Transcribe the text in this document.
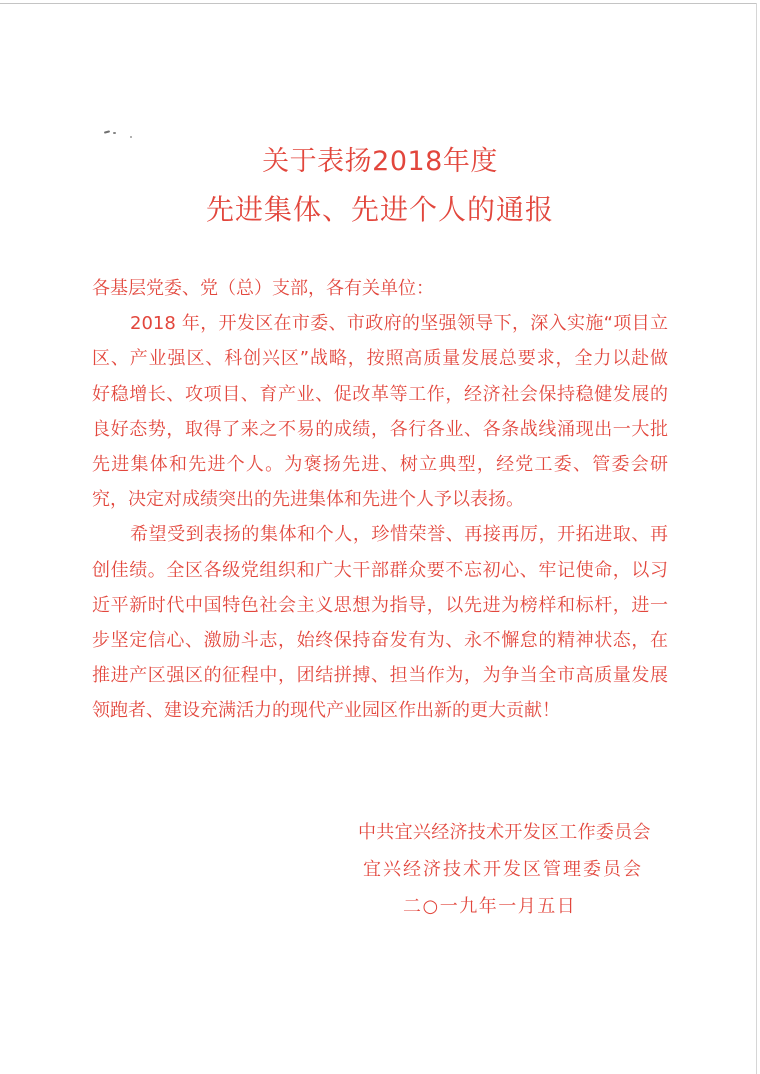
关于表扬2018年度
先进集体、先进个人的通报
各基层党委、党（总）支部，各有关单位：
2018 年，开发区在市委、市政府的坚强领导下，深入实施“项目立
区、产业强区、科创兴区”战略，按照高质量发展总要求，全力以赴做
好稳增长、攻项目、育产业、促改革等工作，经济社会保持稳健发展的
良好态势，取得了来之不易的成绩，各行各业、各条战线涌现出一大批
先进集体和先进个人。为褒扬先进、树立典型，经党工委、管委会研
究，决定对成绩突出的先进集体和先进个人予以表扬。
希望受到表扬的集体和个人，珍惜荣誉、再接再厉，开拓进取、再
创佳绩。全区各级党组织和广大干部群众要不忘初心、牢记使命，以习
近平新时代中国特色社会主义思想为指导，以先进为榜样和标杆，进一
步坚定信心、激励斗志，始终保持奋发有为、永不懈怠的精神状态，在
推进产区强区的征程中，团结拼搏、担当作为，为争当全市高质量发展
领跑者、建设充满活力的现代产业园区作出新的更大贡献！
中共宜兴经济技术开发区工作委员会
宜兴经济技术开发区管理委员会
二○一九年一月五日
